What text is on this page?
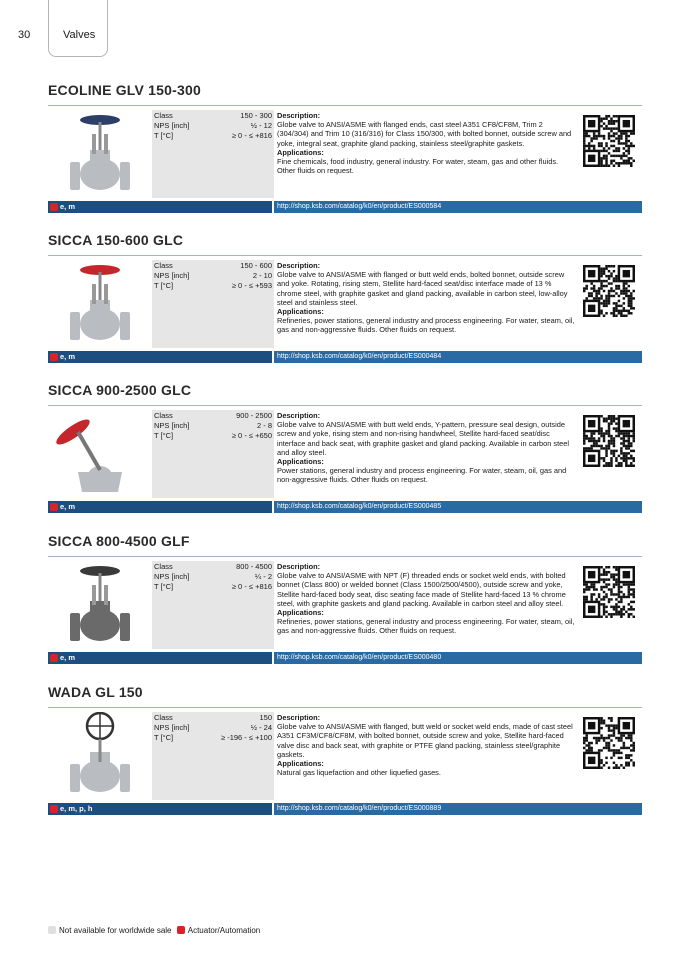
30	Valves
ECOLINE GLV 150-300
Class	150 - 300
NPS [inch]	½ - 12
T [°C]	≥ 0 - ≤ +816
Description:
Globe valve to ANSI/ASME with flanged ends, cast steel A351 CF8/CF8M, Trim 2 (304/304) and Trim 10 (316/316) for Class 150/300, with bolted bonnet, outside screw and yoke, integral seat, graphite gland packing, stainless steel/graphite gaskets.
Applications:
Fine chemicals, food industry, general industry. For water, steam, gas and other fluids. Other fluids on request.
e, m	http://shop.ksb.com/catalog/k0/en/product/ES000584
SICCA 150-600 GLC
Class	150 - 600
NPS [inch]	2 - 10
T [°C]	≥ 0 - ≤ +593
Description:
Globe valve to ANSI/ASME with flanged or butt weld ends, bolted bonnet, outside screw and yoke. Rotating, rising stem, Stellite hard-faced seat/disc interface made of 13 % chrome steel, with graphite gasket and gland packing, available in carbon steel, low-alloy steel and stainless steel.
Applications:
Refineries, power stations, general industry and process engineering. For water, steam, oil, gas and non-aggressive fluids. Other fluids on request.
e, m	http://shop.ksb.com/catalog/k0/en/product/ES000484
SICCA 900-2500 GLC
Class	900 - 2500
NPS [inch]	2 - 8
T [°C]	≥ 0 - ≤ +650
Description:
Globe valve to ANSI/ASME with butt weld ends, Y-pattern, pressure seal design, outside screw and yoke, rising stem and non-rising handwheel, Stellite hard-faced seat/disc interface and back seat, with graphite gasket and gland packing. Available in carbon steel and alloy steel.
Applications:
Power stations, general industry and process engineering. For water, steam, oil, gas and non-aggressive fluids. Other fluids on request.
e, m	http://shop.ksb.com/catalog/k0/en/product/ES000485
SICCA 800-4500 GLF
Class	800 - 4500
NPS [inch]	¼ - 2
T [°C]	≥ 0 - ≤ +816
Description:
Globe valve to ANSI/ASME with NPT (F) threaded ends or socket weld ends, with bolted bonnet (Class 800) or welded bonnet (Class 1500/2500/4500), outside screw and yoke, Stellite hard-faced body seat, disc seating face made of Stellite hard-faced 13 % chrome steel, with graphite gaskets and gland packing. Available in carbon steel and alloy steel.
Applications:
Refineries, power stations, general industry and process engineering. For water, steam, oil, gas and non-aggressive fluids. Other fluids on request.
e, m	http://shop.ksb.com/catalog/k0/en/product/ES000480
WADA GL 150
Class	150
NPS [inch]	½ - 24
T [°C]	≥ -196 - ≤ +100
Description:
Globe valve to ANSI/ASME with flanged, butt weld or socket weld ends, made of cast steel A351 CF3M/CF8/CF8M, with bolted bonnet, outside screw and yoke, Stellite hard-faced valve disc and back seat, with graphite or PTFE gland packing, stainless steel/graphite gaskets.
Applications:
Natural gas liquefaction and other liquefied gases.
e, m, p, h	http://shop.ksb.com/catalog/k0/en/product/ES000889
Not available for worldwide sale Actuator/Automation
